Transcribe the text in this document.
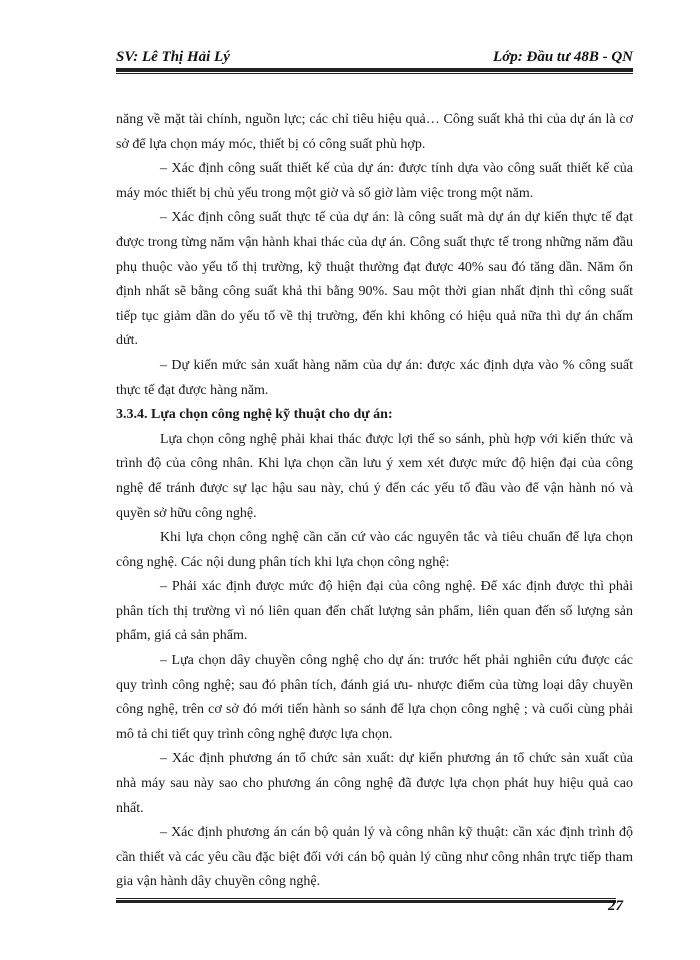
SV: Lê Thị Hải Lý	Lớp: Đầu tư 48B - QN

năng về mặt tài chính, nguồn lực; các chỉ tiêu hiệu quả… Công suất khả thi của dự án là cơ sở để lựa chọn máy móc, thiết bị có công suất phù hợp.

– Xác định công suất thiết kế của dự án: được tính dựa vào công suất thiết kế của máy móc thiết bị chủ yếu trong một giờ và số giờ làm việc trong một năm.

– Xác định công suất thực tế của dự án: là công suất mà dự án dự kiến thực tế đạt được trong từng năm vận hành khai thác của dự án. Công suất thực tế trong những năm đầu phụ thuộc vào yếu tố thị trường, kỹ thuật thường đạt được 40% sau đó tăng dần. Năm ổn định nhất sẽ bằng công suất khả thi bằng 90%. Sau một thời gian nhất định thì công suất tiếp tục giảm dần do yếu tố về thị trường, đến khi không có hiệu quả nữa thì dự án chấm dứt.

– Dự kiến mức sản xuất hàng năm của dự án: được xác định dựa vào % công suất thực tế đạt được hàng năm.

3.3.4. Lựa chọn công nghệ kỹ thuật cho dự án:

Lựa chọn công nghệ phải khai thác được lợi thế so sánh, phù hợp với kiến thức và trình độ của công nhân. Khi lựa chọn cần lưu ý xem xét được mức độ hiện đại của công nghệ để tránh được sự lạc hậu sau này, chú ý đến các yếu tố đầu vào để vận hành nó và quyền sở hữu công nghệ.

Khi lựa chọn công nghệ cần căn cứ vào các nguyên tắc và tiêu chuẩn để lựa chọn công nghệ. Các nội dung phân tích khi lựa chọn công nghệ:

– Phải xác định được mức độ hiện đại của công nghệ. Để xác định được thì phải phân tích thị trường vì nó liên quan đến chất lượng sản phẩm, liên quan đến số lượng sản phẩm, giá cả sản phẩm.

– Lựa chọn dây chuyền công nghệ cho dự án: trước hết phải nghiên cứu được các quy trình công nghệ; sau đó phân tích, đánh giá ưu- nhược điểm của từng loại dây chuyền công nghệ, trên cơ sở đó mới tiến hành so sánh để lựa chọn công nghệ ; và cuối cùng phải mô tả chi tiết quy trình công nghệ được lựa chọn.

– Xác định phương án tổ chức sản xuất: dự kiến phương án tổ chức sản xuất của nhà máy sau này sao cho phương án công nghệ đã được lựa chọn phát huy hiệu quả cao nhất.

– Xác định phương án cán bộ quản lý và công nhân kỹ thuật: cần xác định trình độ cần thiết và các yêu cầu đặc biệt đối với cán bộ quản lý cũng như công nhân trực tiếp tham gia vận hành dây chuyền công nghệ.

27
